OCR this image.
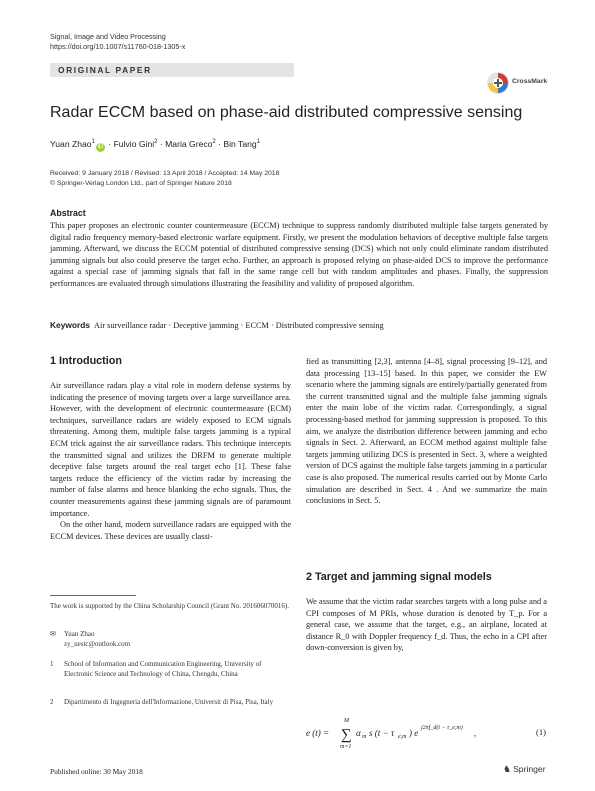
Signal, Image and Video Processing
https://doi.org/10.1007/s11760-018-1305-x
ORIGINAL PAPER
CrossMark
Radar ECCM based on phase-aid distributed compressive sensing
Yuan Zhao$^1$iD · Fulvio Gini$^2$ · Maria Greco$^2$ · Bin Tang$^1$
Received: 9 January 2018 / Revised: 13 April 2018 / Accepted: 14 May 2018
© Springer-Verlag London Ltd., part of Springer Nature 2018
Abstract
This paper proposes an electronic counter countermeasure (ECCM) technique to suppress randomly distributed multiple false targets generated by digital radio frequency memory-based electronic warfare equipment. Firstly, we present the modulation behaviors of deceptive multiple false targets jamming. Afterward, we discuss the ECCM potential of distributed compressive sensing (DCS) which not only could eliminate random distributed jamming signals but also could preserve the target echo. Further, an approach is proposed relying on phase-aided DCS to improve the performance against a special case of jamming signals that fall in the same range cell but with random amplitudes and phases. Finally, the suppression performances are evaluated through simulations illustrating the feasibility and validity of proposed algorithm.
Keywords Air surveillance radar · Deceptive jamming · ECCM · Distributed compressive sensing
1 Introduction

Air surveillance radars play a vital role in modern defense systems by indicating the presence of moving targets over a large surveillance area. However, with the development of electronic countermeasure (ECM) techniques, surveillance radars are widely exposed to ECM signals threatening. Among them, multiple false targets jamming is a typical ECM trick against the air surveillance radars. This technique intercepts the transmitted signal and utilizes the DRFM to generate multiple deceptive false targets around the real target echo [1]. These false targets reduce the efficiency of the victim radar by increasing the number of false alarms and hence blanking the echo signals. Thus, the counter measurements against these jamming signals are of paramount importance.

On the other hand, modern surveillance radars are equipped with the ECCM devices. These devices are usually classi-

The work is supported by the China Scholarship Council (Grant No. 201606070016).
✉ Yuan Zhao
zy_uestc@outlook.com
1 School of Information and Communication Engineering, University of Electronic Science and Technology of China, Chengdu, China
2 Dipartimento di Ingegneria dell'Informazione, Universit di Pisa, Pisa, Italy

fied as transmitting [2,3], antenna [4–8], signal processing [9–12], and data processing [13–15] based. In this paper, we consider the EW scenario where the jamming signals are entirely/partially generated from the current transmitted signal and the multiple false jamming signals enter the main lobe of the victim radar. Correspondingly, a signal processing-based method for jamming suppression is proposed. To this aim, we analyze the distribution difference between jamming and echo signals in Sect. 2. Afterward, an ECCM method against multiple false targets jamming utilizing DCS is presented in Sect. 3, where a weighted version of DCS against the multiple false targets jamming in a particular case is also proposed. The numerical results carried out by Monte Carlo simulation are described in Sect. 4 . And we summarize the main conclusions in Sect. 5.

2 Target and jamming signal models

We assume that the victim radar searches targets with a long pulse and a CPI composes of M PRIs, whose duration is denoted by T_p. For a general case, we assume that the target, e.g., an airplane, located at distance R_0 with Doppler frequency f_d. Thus, the echo in a CPI after down-conversion is given by,

e (t) =
M
∑
m=1
α m s (t − τ e,m ) e j2πf_d(t − τ_e,m) ,	(1)
Published online: 30 May 2018	♞ Springer
